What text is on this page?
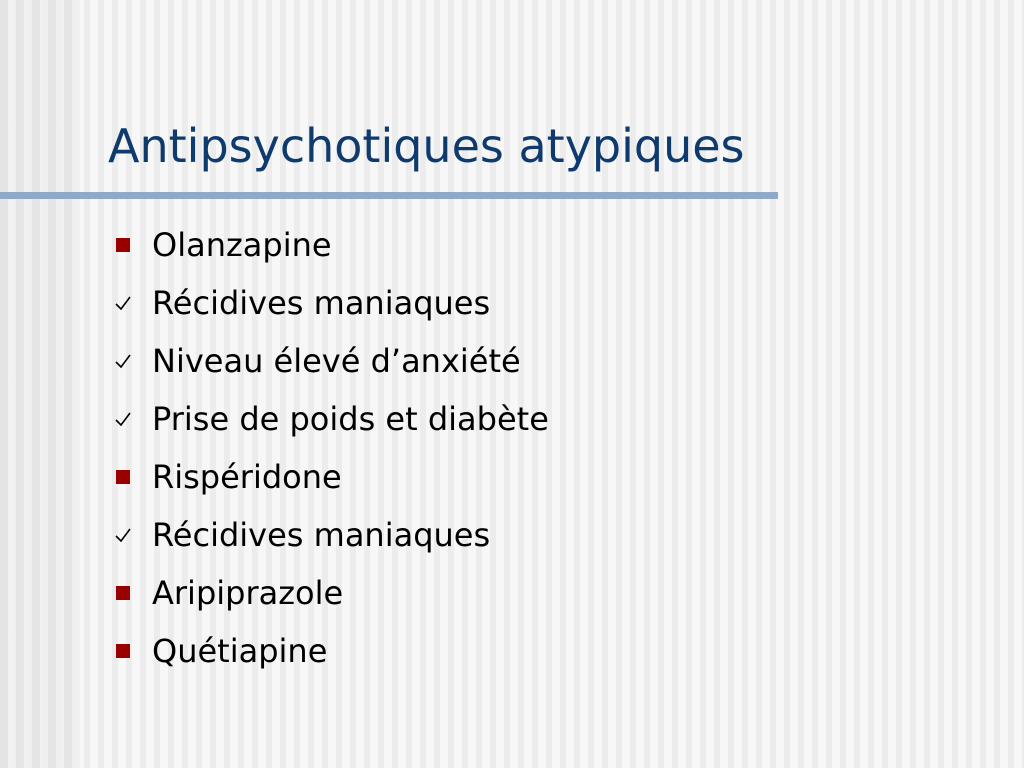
Antipsychotiques atypiques
Olanzapine
Récidives maniaques
Niveau élevé d’anxiété
Prise de poids et diabète
Rispéridone
Récidives maniaques
Aripiprazole
Quétiapine
